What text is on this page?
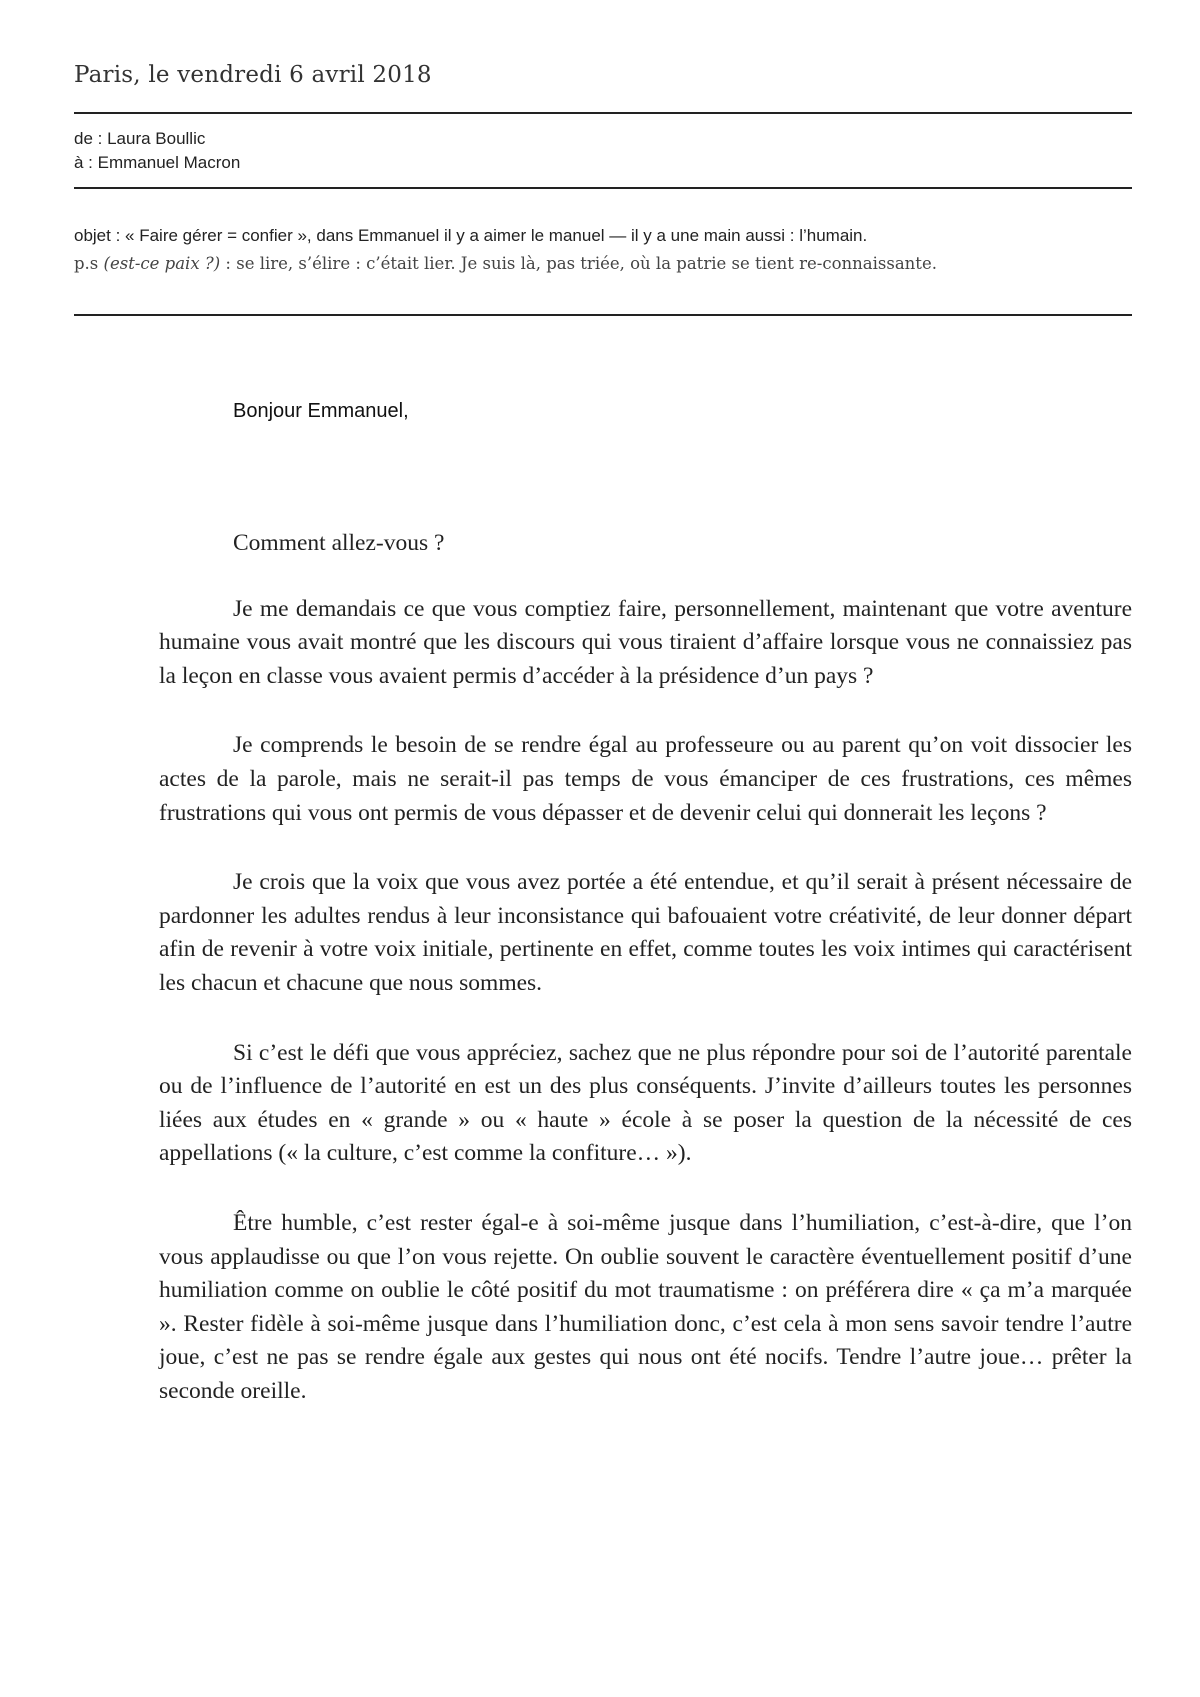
Paris, le vendredi 6 avril 2018
de : Laura Boullic
à : Emmanuel Macron
objet : « Faire gérer = confier », dans Emmanuel il y a aimer le manuel — il y a une main aussi : l’humain.
p.s (est-ce paix ?) : se lire, s’élire : c’était lier. Je suis là, pas triée, où la patrie se tient re-connaissante.
Bonjour Emmanuel,

Comment allez-vous ?

Je me demandais ce que vous comptiez faire, personnellement, maintenant que votre aventure humaine vous avait montré que les discours qui vous tiraient d’affaire lorsque vous ne connaissiez pas la leçon en classe vous avaient permis d’accéder à la présidence d’un pays ?

Je comprends le besoin de se rendre égal au professeure ou au parent qu’on voit dissocier les actes de la parole, mais ne serait-il pas temps de vous émanciper de ces frustrations, ces mêmes frustrations qui vous ont permis de vous dépasser et de devenir celui qui donnerait les leçons ?

Je crois que la voix que vous avez portée a été entendue, et qu’il serait à présent nécessaire de pardonner les adultes rendus à leur inconsistance qui bafouaient votre créativité, de leur donner départ afin de revenir à votre voix initiale, pertinente en effet, comme toutes les voix intimes qui caractérisent les chacun et chacune que nous sommes.

Si c’est le défi que vous appréciez, sachez que ne plus répondre pour soi de l’autorité parentale ou de l’influence de l’autorité en est un des plus conséquents. J’invite d’ailleurs toutes les personnes liées aux études en « grande » ou « haute » école à se poser la question de la nécessité de ces appellations (« la culture, c’est comme la confiture… »).

Être humble, c’est rester égal-e à soi-même jusque dans l’humiliation, c’est-à-dire, que l’on vous applaudisse ou que l’on vous rejette. On oublie souvent le caractère éventuellement positif d’une humiliation comme on oublie le côté positif du mot traumatisme : on préférera dire « ça m’a marquée ». Rester fidèle à soi-même jusque dans l’humiliation donc, c’est cela à mon sens savoir tendre l’autre joue, c’est ne pas se rendre égale aux gestes qui nous ont été nocifs. Tendre l’autre joue… prêter la seconde oreille.
